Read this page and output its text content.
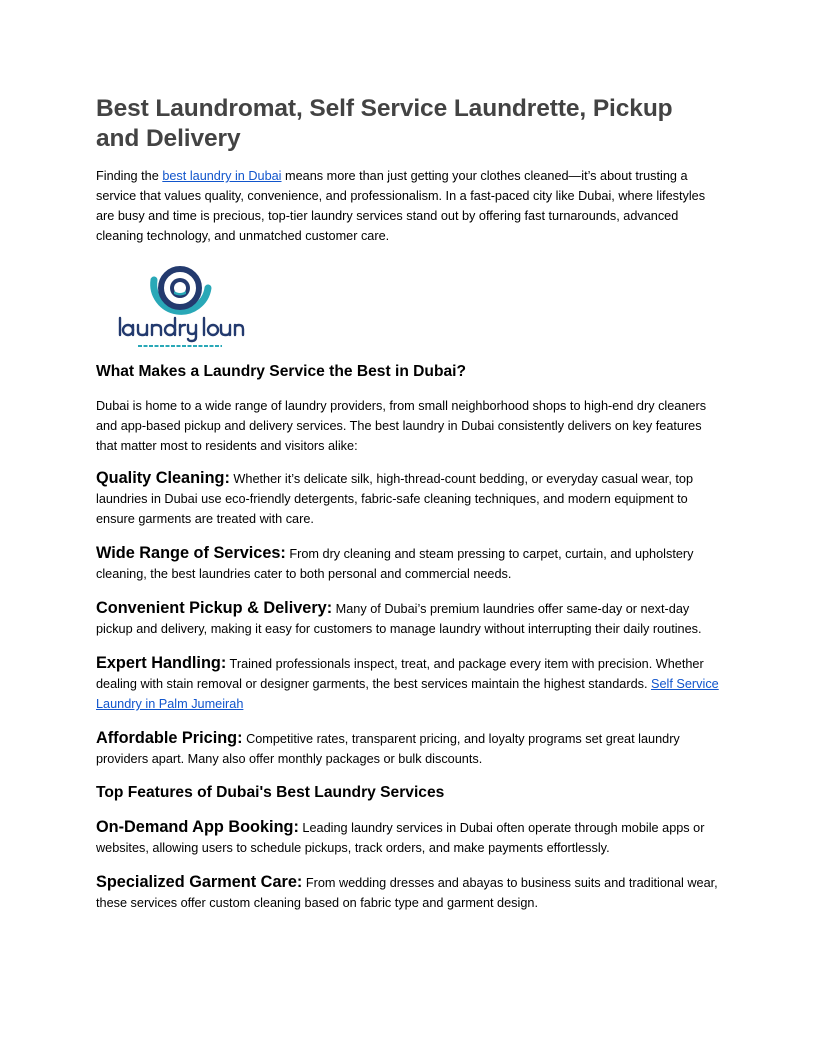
Best Laundromat, Self Service Laundrette, Pickup and Delivery

Finding the best laundry in Dubai means more than just getting your clothes cleaned—it’s about trusting a service that values quality, convenience, and professionalism. In a fast-paced city like Dubai, where lifestyles are busy and time is precious, top-tier laundry services stand out by offering fast turnarounds, advanced cleaning technology, and unmatched customer care.

What Makes a Laundry Service the Best in Dubai?

Dubai is home to a wide range of laundry providers, from small neighborhood shops to high-end dry cleaners and app-based pickup and delivery services. The best laundry in Dubai consistently delivers on key features that matter most to residents and visitors alike:

Quality Cleaning: Whether it’s delicate silk, high-thread-count bedding, or everyday casual wear, top laundries in Dubai use eco-friendly detergents, fabric-safe cleaning techniques, and modern equipment to ensure garments are treated with care.

Wide Range of Services: From dry cleaning and steam pressing to carpet, curtain, and upholstery cleaning, the best laundries cater to both personal and commercial needs.

Convenient Pickup & Delivery: Many of Dubai’s premium laundries offer same-day or next-day pickup and delivery, making it easy for customers to manage laundry without interrupting their daily routines.

Expert Handling: Trained professionals inspect, treat, and package every item with precision. Whether dealing with stain removal or designer garments, the best services maintain the highest standards. Self Service Laundry in Palm Jumeirah

Affordable Pricing: Competitive rates, transparent pricing, and loyalty programs set great laundry providers apart. Many also offer monthly packages or bulk discounts.

Top Features of Dubai's Best Laundry Services

On-Demand App Booking: Leading laundry services in Dubai often operate through mobile apps or websites, allowing users to schedule pickups, track orders, and make payments effortlessly.

Specialized Garment Care: From wedding dresses and abayas to business suits and traditional wear, these services offer custom cleaning based on fabric type and garment design.
